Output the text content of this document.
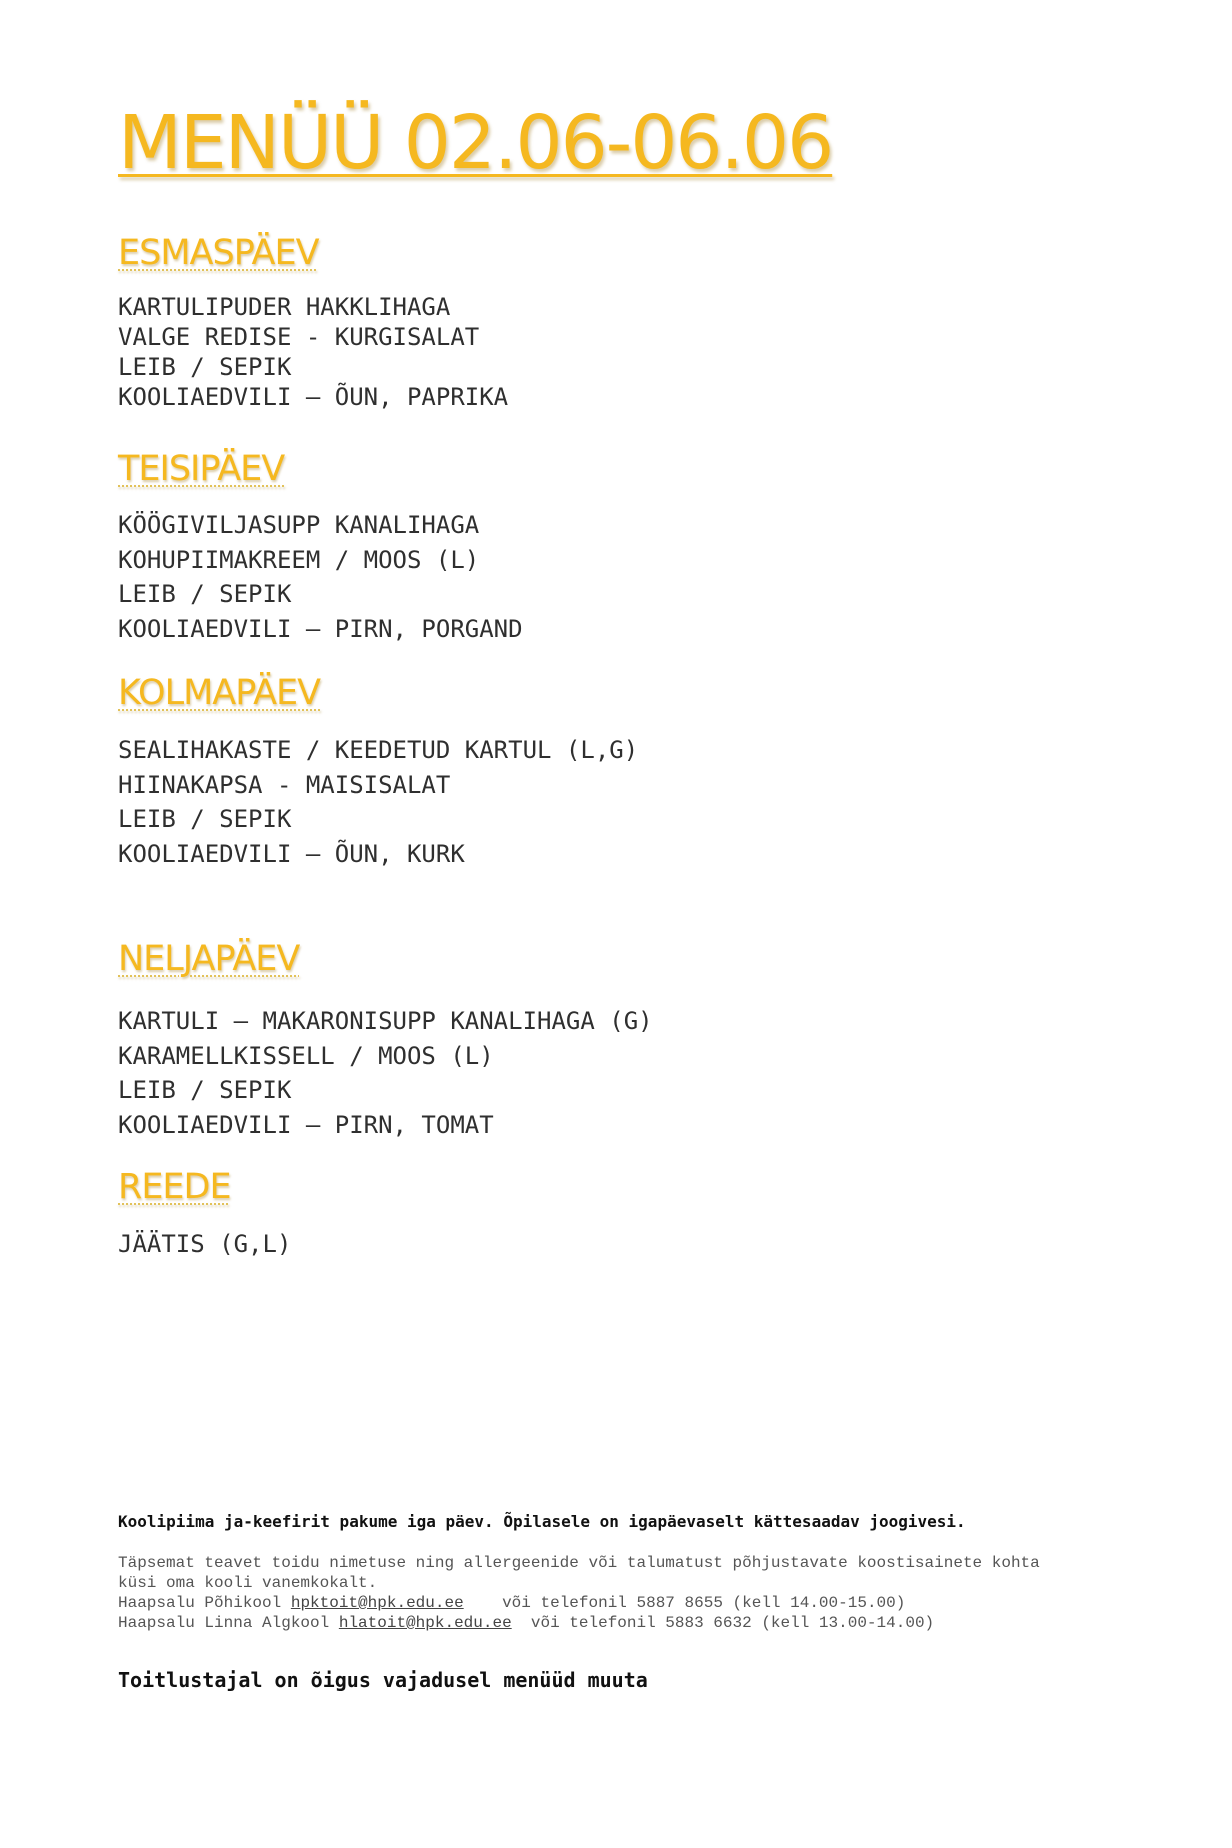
MENÜÜ 02.06-06.06
ESMASPÄEV
KARTULIPUDER HAKKLIHAGA
VALGE REDISE - KURGISALAT
LEIB / SEPIK
KOOLIAEDVILI – ÕUN, PAPRIKA
TEISIPÄEV
KÖÖGIVILJASUPP KANALIHAGA
KOHUPIIMAKREEM / MOOS (L)
LEIB / SEPIK
KOOLIAEDVILI – PIRN, PORGAND
KOLMAPÄEV
SEALIHAKASTE / KEEDETUD KARTUL (L,G)
HIINAKAPSA - MAISISALAT
LEIB / SEPIK
KOOLIAEDVILI – ÕUN, KURK
NELJAPÄEV
KARTULI – MAKARONISUPP KANALIHAGA (G)
KARAMELLKISSELL / MOOS (L)
LEIB / SEPIK
KOOLIAEDVILI – PIRN, TOMAT
REEDE
JÄÄTIS (G,L)

Koolipiima ja-keefirit pakume iga päev. Õpilasele on igapäevaselt kättesaadav joogivesi.

Täpsemat teavet toidu nimetuse ning allergeenide või talumatust põhjustavate koostisainete kohta
küsi oma kooli vanemkokalt.
Haapsalu Põhikool hpktoit@hpk.edu.ee või telefonil 5887 8655 (kell 14.00-15.00)
Haapsalu Linna Algkool hlatoit@hpk.edu.ee või telefonil 5883 6632 (kell 13.00-14.00)

Toitlustajal on õigus vajadusel menüüd muuta
